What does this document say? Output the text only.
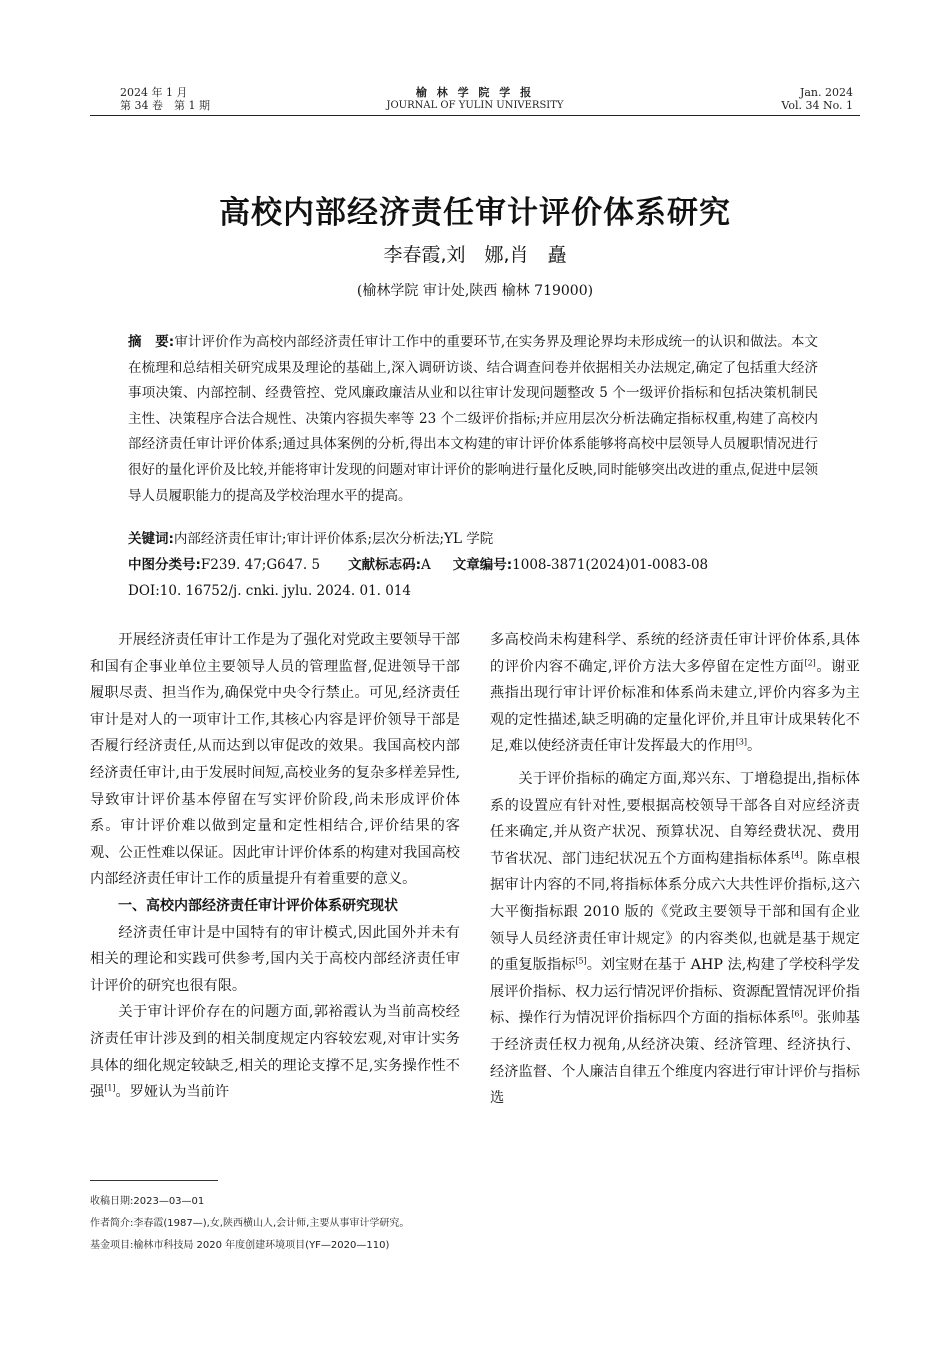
2024 年 1 月
第 34 卷　第 1 期
榆 林 学 院 学 报
JOURNAL OF YULIN UNIVERSITY
Jan. 2024
Vol. 34 No. 1
高校内部经济责任审计评价体系研究
李春霞,刘　娜,肖　矗
(榆林学院 审计处,陕西 榆林 719000)
摘　要:审计评价作为高校内部经济责任审计工作中的重要环节,在实务界及理论界均未形成统一的认识和做法。本文在梳理和总结相关研究成果及理论的基础上,深入调研访谈、结合调查问卷并依据相关办法规定,确定了包括重大经济事项决策、内部控制、经费管控、党风廉政廉洁从业和以往审计发现问题整改 5 个一级评价指标和包括决策机制民主性、决策程序合法合规性、决策内容损失率等 23 个二级评价指标;并应用层次分析法确定指标权重,构建了高校内部经济责任审计评价体系;通过具体案例的分析,得出本文构建的审计评价体系能够将高校中层领导人员履职情况进行很好的量化评价及比较,并能将审计发现的问题对审计评价的影响进行量化反映,同时能够突出改进的重点,促进中层领导人员履职能力的提高及学校治理水平的提高。
关键词:内部经济责任审计;审计评价体系;层次分析法;YL 学院
中图分类号:F239. 47;G647. 5 文献标志码:A 文章编号:1008-3871(2024)01-0083-08
DOI:10. 16752/j. cnki. jylu. 2024. 01. 014

开展经济责任审计工作是为了强化对党政主要领导干部和国有企事业单位主要领导人员的管理监督,促进领导干部履职尽责、担当作为,确保党中央令行禁止。可见,经济责任审计是对人的一项审计工作,其核心内容是评价领导干部是否履行经济责任,从而达到以审促改的效果。我国高校内部经济责任审计,由于发展时间短,高校业务的复杂多样差异性,导致审计评价基本停留在写实评价阶段,尚未形成评价体系。审计评价难以做到定量和定性相结合,评价结果的客观、公正性难以保证。因此审计评价体系的构建对我国高校内部经济责任审计工作的质量提升有着重要的意义。

一、高校内部经济责任审计评价体系研究现状

经济责任审计是中国特有的审计模式,因此国外并未有相关的理论和实践可供参考,国内关于高校内部经济责任审计评价的研究也很有限。

关于审计评价存在的问题方面,郭裕霞认为当前高校经济责任审计涉及到的相关制度规定内容较宏观,对审计实务具体的细化规定较缺乏,相关的理论支撑不足,实务操作性不强[1]。罗娅认为当前许

多高校尚未构建科学、系统的经济责任审计评价体系,具体的评价内容不确定,评价方法大多停留在定性方面[2]。谢亚燕指出现行审计评价标准和体系尚未建立,评价内容多为主观的定性描述,缺乏明确的定量化评价,并且审计成果转化不足,难以使经济责任审计发挥最大的作用[3]。

关于评价指标的确定方面,郑兴东、丁增稳提出,指标体系的设置应有针对性,要根据高校领导干部各自对应经济责任来确定,并从资产状况、预算状况、自筹经费状况、费用节省状况、部门违纪状况五个方面构建指标体系[4]。陈卓根据审计内容的不同,将指标体系分成六大共性评价指标,这六大平衡指标跟 2010 版的《党政主要领导干部和国有企业领导人员经济责任审计规定》的内容类似,也就是基于规定的重复版指标[5]。刘宝财在基于 AHP 法,构建了学校科学发展评价指标、权力运行情况评价指标、资源配置情况评价指标、操作行为情况评价指标四个方面的指标体系[6]。张帅基于经济责任权力视角,从经济决策、经济管理、经济执行、经济监督、个人廉洁自律五个维度内容进行审计评价与指标选

收稿日期:2023—03—01
作者简介:李春霞(1987—),女,陕西横山人,会计师,主要从事审计学研究。
基金项目:榆林市科技局 2020 年度创建环境项目(YF—2020—110)
